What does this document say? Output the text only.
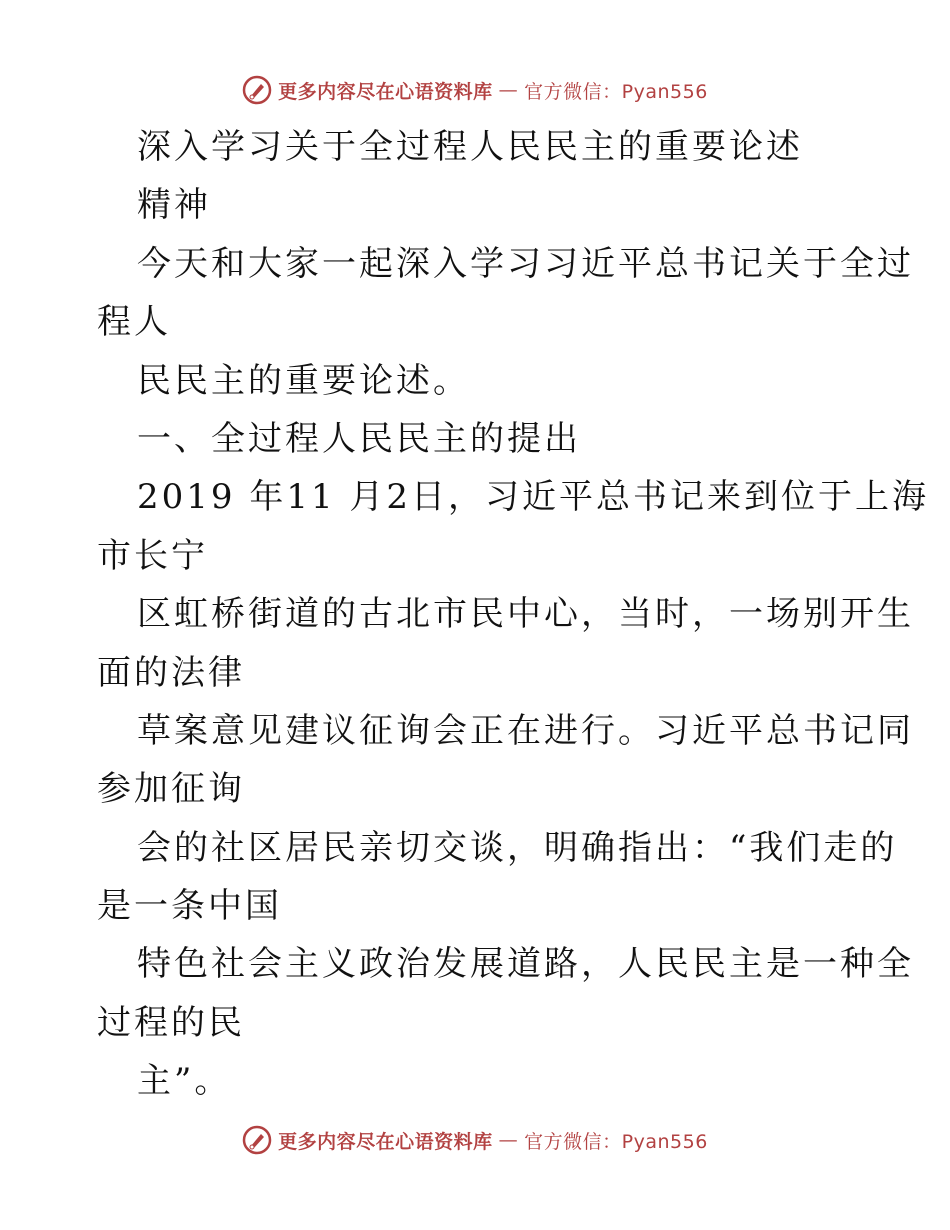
更多内容尽在心语资料库 — 官方微信：Pyan556
深入学习关于全过程人民民主的重要论述
精神
今天和大家一起深入学习习近平总书记关于全过
程人
民民主的重要论述。
一、全过程人民民主的提出
2019 年11 月2日，习近平总书记来到位于上海
市长宁
区虹桥街道的古北市民中心，当时，一场别开生
面的法律
草案意见建议征询会正在进行。习近平总书记同
参加征询
会的社区居民亲切交谈，明确指出：“我们走的
是一条中国
特色社会主义政治发展道路，人民民主是一种全
过程的民
主”。
更多内容尽在心语资料库 — 官方微信：Pyan556
